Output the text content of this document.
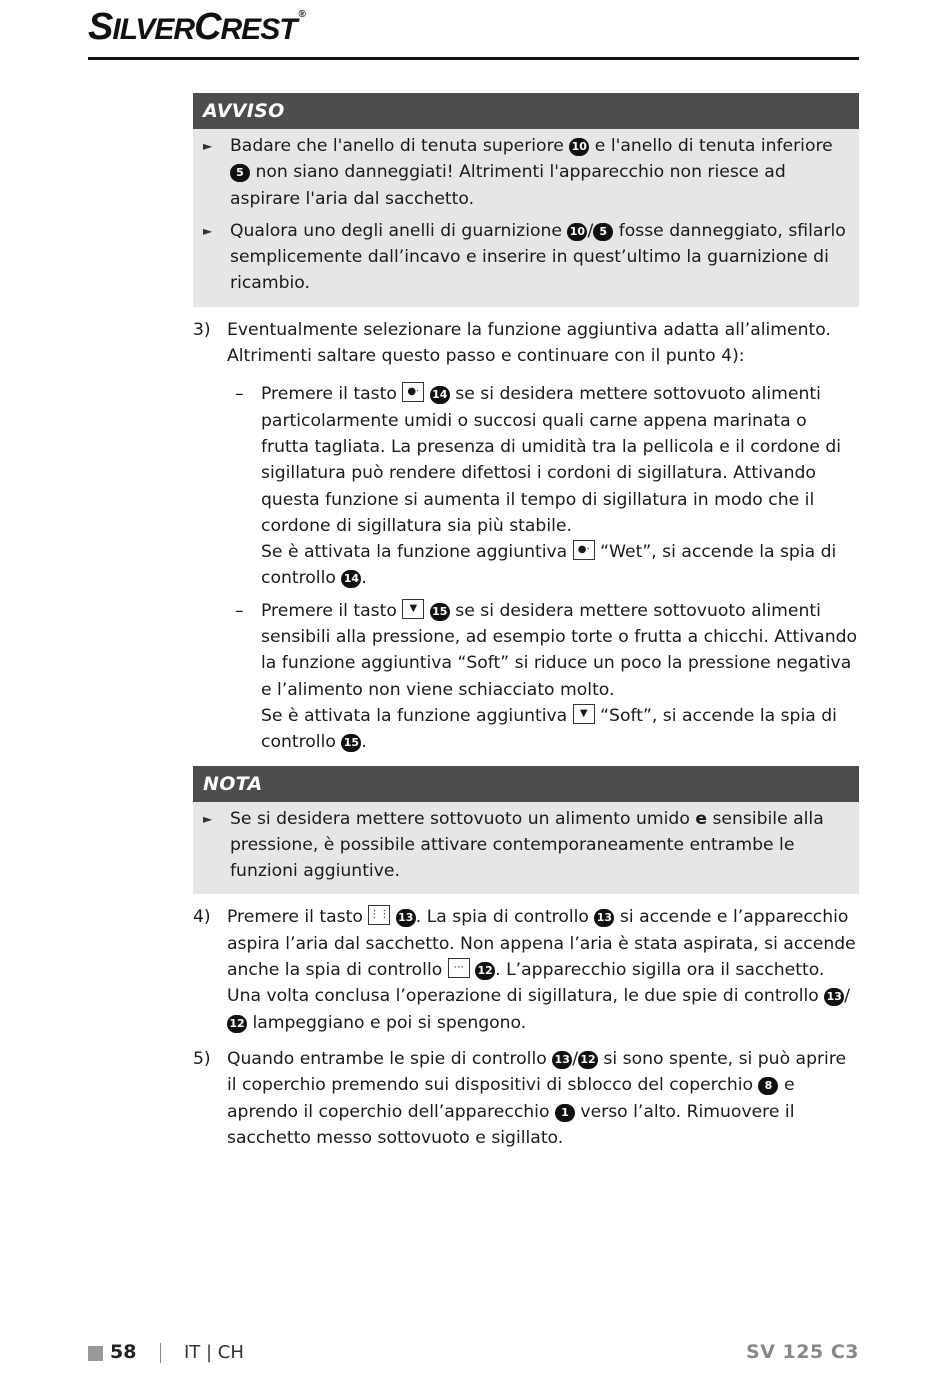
SILVERCREST ®
AVVISO
► Badare che l'anello di tenuta superiore 10 e l'anello di tenuta inferiore 5 non siano danneggiati! Altrimenti l'apparecchio non riesce ad aspirare l'aria dal sacchetto.
► Qualora uno degli anelli di guarnizione 10 / 5 fosse danneggiato, sfilarlo semplicemente dall’incavo e inserire in quest’ultimo la guarnizione di ricambio.
3) Eventualmente selezionare la funzione aggiuntiva adatta all’alimento. Altrimenti saltare questo passo e continuare con il punto 4):
– Premere il tasto ●⋅	14 se si desidera mettere sottovuoto alimenti particolarmente umidi o succosi quali carne appena marinata o frutta tagliata. La presenza di umidità tra la pellicola e il cordone di sigillatura può rendere difettosi i cordoni di sigillatura. Attivando questa funzione si aumenta il tempo di sigillatura in modo che il cordone di sigillatura sia più stabile.
Se è attivata la funzione aggiuntiva ●⋅ “Wet”, si accende la spia di controllo 14 .
– Premere il tasto ▼	15 se si desidera mettere sottovuoto alimenti sensibili alla pressione, ad esempio torte o frutta a chicchi. Attivando la funzione aggiuntiva “Soft” si riduce un poco la pressione negativa e l’alimento non viene schiacciato molto.
Se è attivata la funzione aggiuntiva ▼ “Soft”, si accende la spia di controllo 15 .
NOTA
► Se si desidera mettere sottovuoto un alimento umido e sensibile alla pressione, è possibile attivare contemporaneamente entrambe le funzioni aggiuntive.
4) Premere il tasto ⋮⋮ 13 . La spia di controllo 13 si accende e l’apparecchio aspira l’aria dal sacchetto. Non appena l’aria è stata aspirata, si accende anche la spia di controllo ⋯	12 . L’apparecchio sigilla ora il sacchetto. Una volta conclusa l’operazione di sigillatura, le due spie di controllo 13 /12 lampeggiano e poi si spengono.
5) Quando entrambe le spie di controllo 13 / 12 si sono spente, si può aprire il coperchio premendo sui dispositivi di sblocco del coperchio 8 e aprendo il coperchio dell’apparecchio 1 verso l’alto. Rimuovere il sacchetto messo sottovuoto e sigillato.
58	IT | CH	SV 125 C3
